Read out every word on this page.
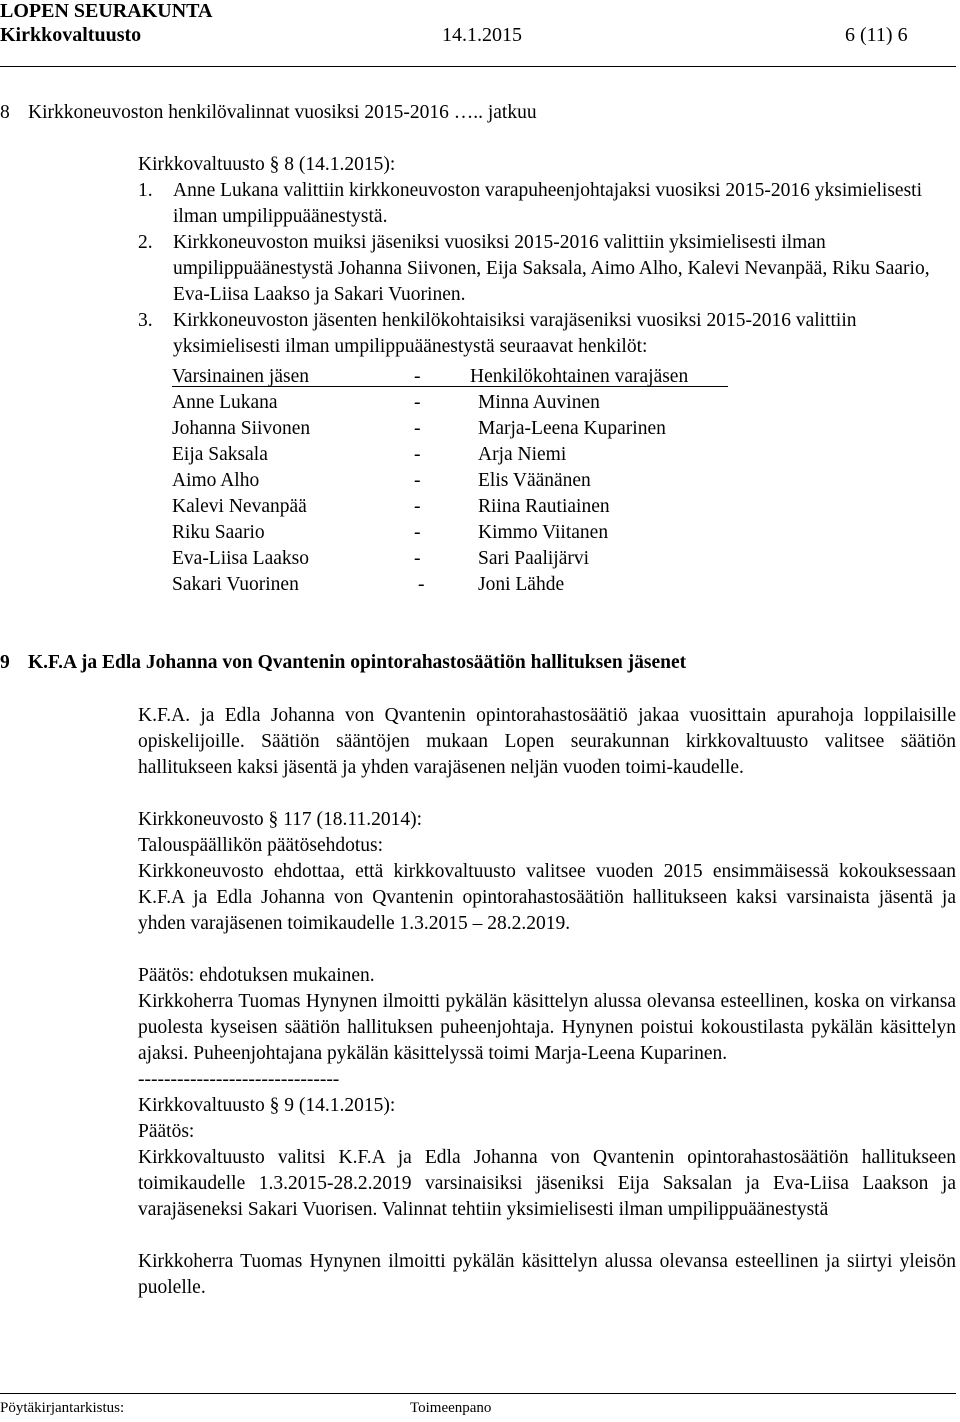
LOPEN SEURAKUNTA
Kirkkovaltuusto	14.1.2015	6 (11) 6
8 Kirkkoneuvoston henkilövalinnat vuosiksi 2015-2016 ….. jatkuu

Kirkkovaltuusto § 8 (14.1.2015):

1. Anne Lukana valittiin kirkkoneuvoston varapuheenjohtajaksi vuosiksi 2015-2016 yksimielisesti ilman umpilippuäänestystä.
2. Kirkkoneuvoston muiksi jäseniksi vuosiksi 2015-2016 valittiin yksimielisesti ilman umpilippuäänestystä Johanna Siivonen, Eija Saksala, Aimo Alho, Kalevi Nevanpää, Riku Saario, Eva-Liisa Laakso ja Sakari Vuorinen.
3. Kirkkoneuvoston jäsenten henkilökohtaisiksi varajäseniksi vuosiksi 2015-2016 valittiin yksimielisesti ilman umpilippuäänestystä seuraavat henkilöt:
Varsinainen jäsen	-	Henkilökohtainen varajäsen
Anne Lukana	-	Minna Auvinen
Johanna Siivonen	-	Marja-Leena Kuparinen
Eija Saksala	-	Arja Niemi
Aimo Alho	-	Elis Väänänen
Kalevi Nevanpää	-	Riina Rautiainen
Riku Saario	-	Kimmo Viitanen
Eva-Liisa Laakso	-	Sari Paalijärvi
Sakari Vuorinen	-	Joni Lähde
9 K.F.A ja Edla Johanna von Qvantenin opintorahastosäätiön hallituksen jäsenet

K.F.A. ja Edla Johanna von Qvantenin opintorahastosäätiö jakaa vuosittain apurahoja loppilaisille opiskelijoille. Säätiön sääntöjen mukaan Lopen seurakunnan kirkkovaltuusto valitsee säätiön hallitukseen kaksi jäsentä ja yhden varajäsenen neljän vuoden toimi-kaudelle.

Kirkkoneuvosto § 117 (18.11.2014):

Talouspäällikön päätösehdotus:

Kirkkoneuvosto ehdottaa, että kirkkovaltuusto valitsee vuoden 2015 ensimmäisessä kokouksessaan K.F.A ja Edla Johanna von Qvantenin opintorahastosäätiön hallitukseen kaksi varsinaista jäsentä ja yhden varajäsenen toimikaudelle 1.3.2015 – 28.2.2019.

Päätös: ehdotuksen mukainen.

Kirkkoherra Tuomas Hynynen ilmoitti pykälän käsittelyn alussa olevansa esteellinen, koska on virkansa puolesta kyseisen säätiön hallituksen puheenjohtaja. Hynynen poistui kokoustilasta pykälän käsittelyn ajaksi. Puheenjohtajana pykälän käsittelyssä toimi Marja-Leena Kuparinen.

-------------------------------

Kirkkovaltuusto § 9 (14.1.2015):

Päätös:

Kirkkovaltuusto valitsi K.F.A ja Edla Johanna von Qvantenin opintorahastosäätiön hallitukseen toimikaudelle 1.3.2015-28.2.2019 varsinaisiksi jäseniksi Eija Saksalan ja Eva-Liisa Laakson ja varajäseneksi Sakari Vuorisen. Valinnat tehtiin yksimielisesti ilman umpilippuäänestystä

Kirkkoherra Tuomas Hynynen ilmoitti pykälän käsittelyn alussa olevansa esteellinen ja siirtyi yleisön puolelle.

Pöytäkirjantarkistus:	Toimeenpano
